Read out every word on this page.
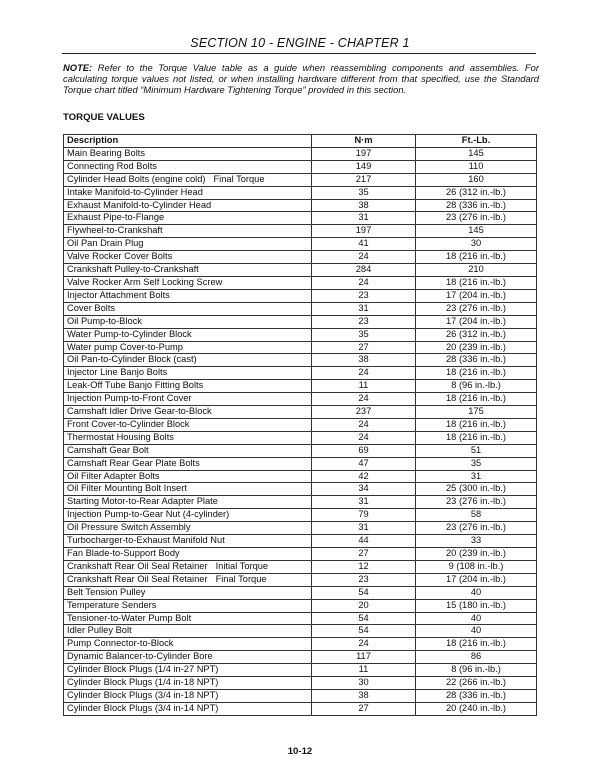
SECTION 10 - ENGINE - CHAPTER 1
NOTE: Refer to the Torque Value table as a guide when reassembling components and assemblies. For calculating torque values not listed, or when installing hardware different from that specified, use the Standard Torque chart titled “Minimum Hardware Tightening Torque” provided in this section.
TORQUE VALUES
Description	N·m	Ft.-Lb.
Main Bearing Bolts	197	145
Connecting Rod Bolts	149	110
Cylinder Head Bolts (engine cold) Final Torque	217	160
Intake Manifold-to-Cylinder Head	35	26 (312 in.-lb.)
Exhaust Manifold-to-Cylinder Head	38	28 (336 in.-lb.)
Exhaust Pipe-to-Flange	31	23 (276 in.-lb.)
Flywheel-to-Crankshaft	197	145
Oil Pan Drain Plug	41	30
Valve Rocker Cover Bolts	24	18 (216 in.-lb.)
Crankshaft Pulley-to-Crankshaft	284	210
Valve Rocker Arm Self Locking Screw	24	18 (216 in.-lb.)
Injector Attachment Bolts	23	17 (204 in.-lb.)
Cover Bolts	31	23 (276 in.-lb.)
Oil Pump-to-Block	23	17 (204 in.-lb.)
Water Pump-to-Cylinder Block	35	26 (312 in.-lb.)
Water pump Cover-to-Pump	27	20 (239 in.-lb.)
Oil Pan-to-Cylinder Block (cast)	38	28 (336 in.-lb.)
Injector Line Banjo Bolts	24	18 (216 in.-lb.)
Leak-Off Tube Banjo Fitting Bolts	11	8 (96 in.-lb.)
Injection Pump-to-Front Cover	24	18 (216 in.-lb.)
Camshaft Idler Drive Gear-to-Block	237	175
Front Cover-to-Cylinder Block	24	18 (216 in.-lb.)
Thermostat Housing Bolts	24	18 (216 in.-lb.)
Camshaft Gear Bolt	69	51
Camshaft Rear Gear Plate Bolts	47	35
Oil Filter Adapter Bolts	42	31
Oil Filter Mounting Bolt Insert	34	25 (300 in.-lb.)
Starting Motor-to-Rear Adapter Plate	31	23 (276 in.-lb.)
Injection Pump-to-Gear Nut (4-cylinder)	79	58
Oil Pressure Switch Assembly	31	23 (276 in.-lb.)
Turbocharger-to-Exhaust Manifold Nut	44	33
Fan Blade-to-Support Body	27	20 (239 in.-lb.)
Crankshaft Rear Oil Seal Retainer Initial Torque	12	9 (108 in.-lb.)
Crankshaft Rear Oil Seal Retainer Final Torque	23	17 (204 in.-lb.)
Belt Tension Pulley	54	40
Temperature Senders	20	15 (180 in.-lb.)
Tensioner-to-Water Pump Bolt	54	40
Idler Pulley Bolt	54	40
Pump Connector-to-Block	24	18 (216 in.-lb.)
Dynamic Balancer-to-Cylinder Bore	117	86
Cylinder Block Plugs (1/4 in-27 NPT)	11	8 (96 in.-lb.)
Cylinder Block Plugs (1/4 in-18 NPT)	30	22 (266 in.-lb.)
Cylinder Block Plugs (3/4 in-18 NPT)	38	28 (336 in.-lb.)
Cylinder Block Plugs (3/4 in-14 NPT)	27	20 (240 in.-lb.)
10-12
